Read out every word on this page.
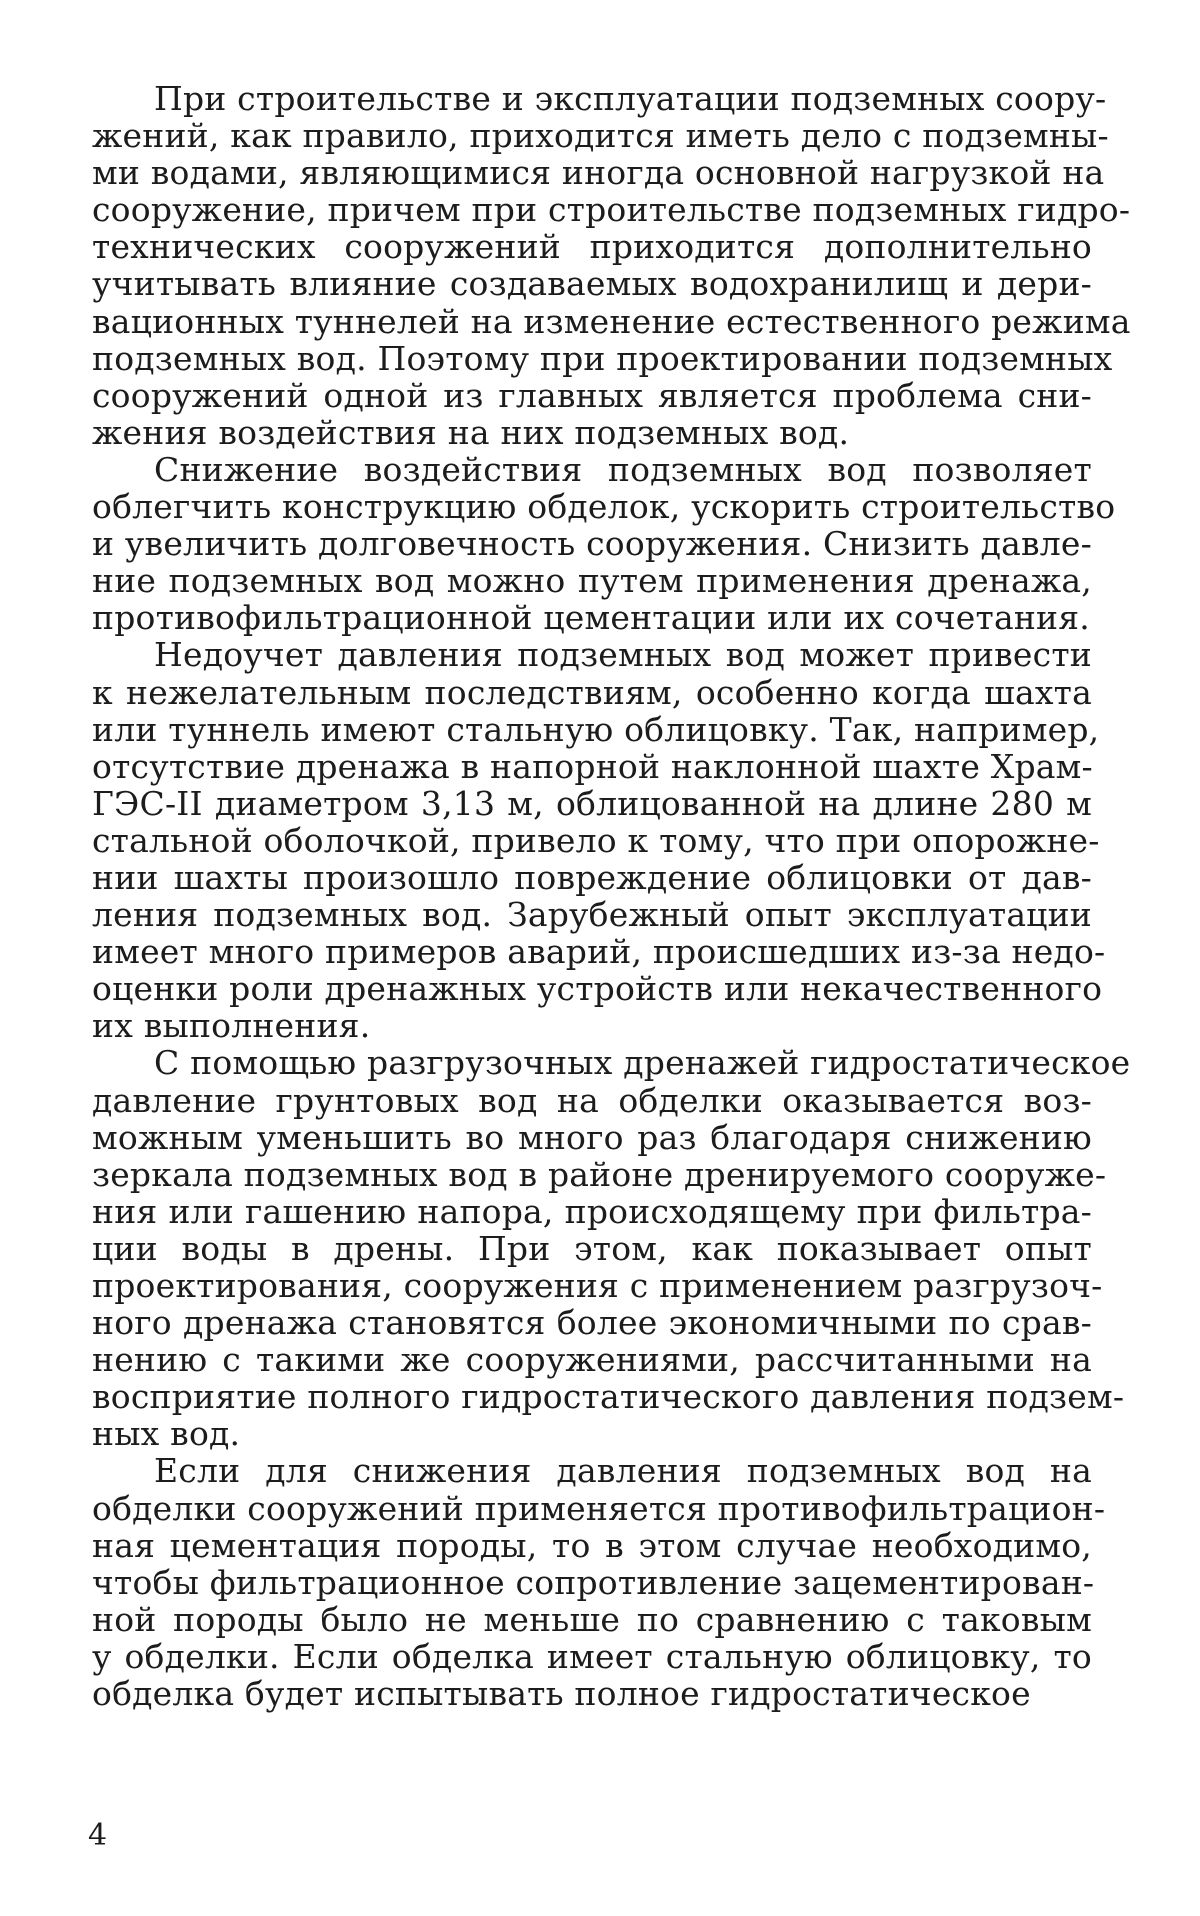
При строительстве и эксплуатации подземных соору-
жений, как правило, приходится иметь дело с подземны-
ми водами, являющимися иногда основной нагрузкой на
сооружение, причем при строительстве подземных гидро-
технических сооружений приходится дополнительно
учитывать влияние создаваемых водохранилищ и дери-
вационных туннелей на изменение естественного режима
подземных вод. Поэтому при проектировании подземных
сооружений одной из главных является проблема сни-
жения воздействия на них подземных вод.
Снижение воздействия подземных вод позволяет
облегчить конструкцию обделок, ускорить строительство
и увеличить долговечность сооружения. Снизить давле-
ние подземных вод можно путем применения дренажа,
противофильтрационной цементации или их сочетания.
Недоучет давления подземных вод может привести
к нежелательным последствиям, особенно когда шахта
или туннель имеют стальную облицовку. Так, например,
отсутствие дренажа в напорной наклонной шахте Храм-
ГЭС-II диаметром 3,13 м, облицованной на длине 280 м
стальной оболочкой, привело к тому, что при опорожне-
нии шахты произошло повреждение облицовки от дав-
ления подземных вод. Зарубежный опыт эксплуатации
имеет много примеров аварий, происшедших из-за недо-
оценки роли дренажных устройств или некачественного
их выполнения.
С помощью разгрузочных дренажей гидростатическое
давление грунтовых вод на обделки оказывается воз-
можным уменьшить во много раз благодаря снижению
зеркала подземных вод в районе дренируемого сооруже-
ния или гашению напора, происходящему при фильтра-
ции воды в дрены. При этом, как показывает опыт
проектирования, сооружения с применением разгрузоч-
ного дренажа становятся более экономичными по срав-
нению с такими же сооружениями, рассчитанными на
восприятие полного гидростатического давления подзем-
ных вод.
Если для снижения давления подземных вод на
обделки сооружений применяется противофильтрацион-
ная цементация породы, то в этом случае необходимо,
чтобы фильтрационное сопротивление зацементирован-
ной породы было не меньше по сравнению с таковым
у обделки. Если обделка имеет стальную облицовку, то
обделка будет испытывать полное гидростатическое
4
